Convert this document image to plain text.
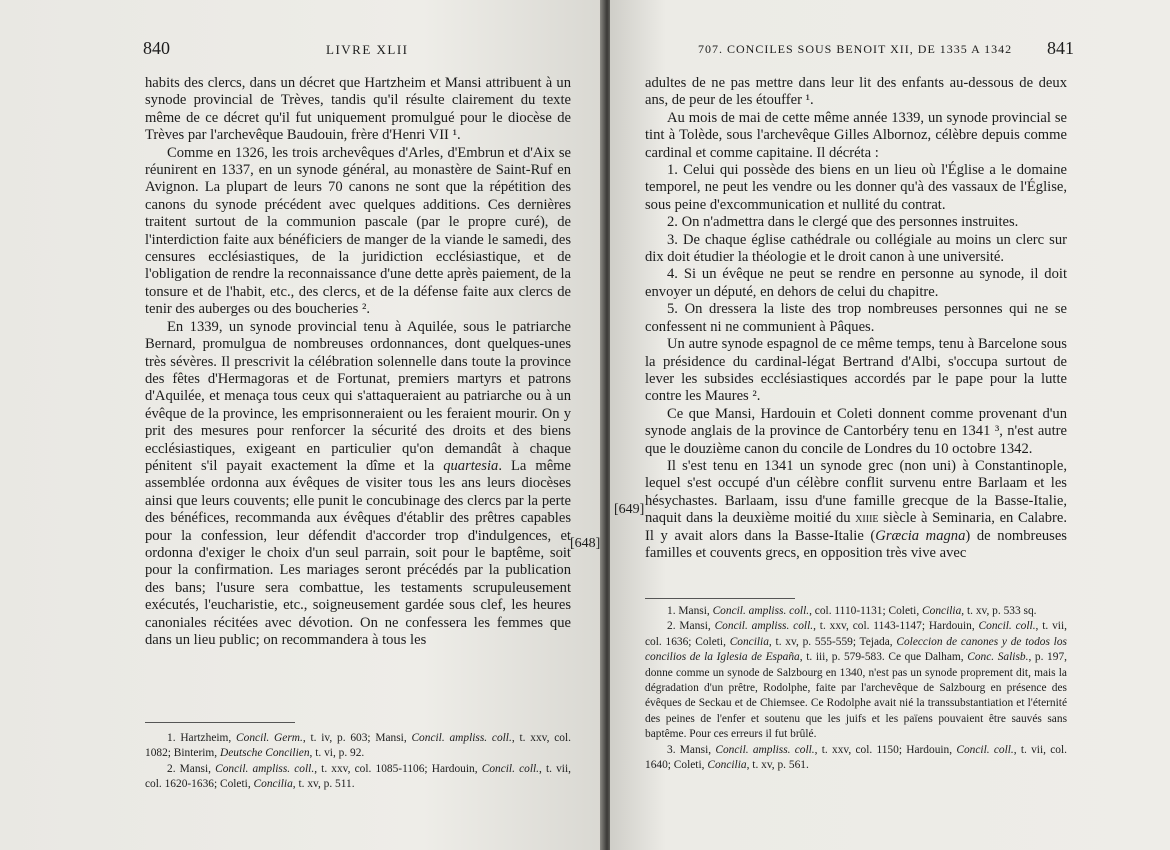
840	LIVRE XLII

habits des clercs, dans un décret que Hartzheim et Mansi attribuent à un synode provincial de Trèves, tandis qu'il résulte clairement du texte même de ce décret qu'il fut uniquement promulgué pour le diocèse de Trèves par l'archevêque Baudouin, frère d'Henri VII ¹.

Comme en 1326, les trois archevêques d'Arles, d'Embrun et d'Aix se réunirent en 1337, en un synode général, au monastère de Saint-Ruf en Avignon. La plupart de leurs 70 canons ne sont que la répétition des canons du synode précédent avec quelques additions. Ces dernières traitent surtout de la communion pascale (par le propre curé), de l'interdiction faite aux bénéficiers de manger de la viande le samedi, des censures ecclésiastiques, de la juridiction ecclésiastique, et de l'obligation de rendre la reconnaissance d'une dette après paiement, de la tonsure et de l'habit, etc., des clercs, et de la défense faite aux clercs de tenir des auberges ou des boucheries ².

En 1339, un synode provincial tenu à Aquilée, sous le patriarche Bernard, promulgua de nombreuses ordonnances, dont quelques-unes très sévères. Il prescrivit la célébration solennelle dans toute la province des fêtes d'Hermagoras et de Fortunat, premiers martyrs et patrons d'Aquilée, et menaça tous ceux qui s'attaqueraient au patriarche ou à un évêque de la province, les emprisonneraient ou les feraient mourir. On y prit des mesures pour renforcer la sécurité des droits et des biens ecclésiastiques, exigeant en particulier qu'on demandât à chaque pénitent s'il payait exactement la dîme et la quartesia. La même assemblée ordonna aux évêques de visiter tous les ans leurs diocèses ainsi que leurs couvents; elle punit le concubinage des clercs par la perte des bénéfices, recommanda aux évêques d'établir des prêtres capables pour la confession, leur défendit d'accorder trop d'indulgences, et ordonna d'exiger le choix d'un seul parrain, soit pour le baptême, soit pour la confirmation. Les mariages seront précédés par la publication des bans; l'usure sera combattue, les testaments scrupuleusement exécutés, l'eucharistie, etc., soigneusement gardée sous clef, les heures canoniales récitées avec dévotion. On ne confessera les femmes que dans un lieu public; on recommandera à tous les

1. Hartzheim, Concil. Germ., t. iv, p. 603; Mansi, Concil. ampliss. coll., t. xxv, col. 1082; Binterim, Deutsche Concilien, t. vi, p. 92.

2. Mansi, Concil. ampliss. coll., t. xxv, col. 1085-1106; Hardouin, Concil. coll., t. vii, col. 1620-1636; Coleti, Concilia, t. xv, p. 511.

[648]
707. CONCILES SOUS BENOIT XII, DE 1335 A 1342 841

adultes de ne pas mettre dans leur lit des enfants au-dessous de deux ans, de peur de les étouffer ¹.

Au mois de mai de cette même année 1339, un synode provincial se tint à Tolède, sous l'archevêque Gilles Albornoz, célèbre depuis comme cardinal et comme capitaine. Il décréta :

1. Celui qui possède des biens en un lieu où l'Église a le domaine temporel, ne peut les vendre ou les donner qu'à des vassaux de l'Église, sous peine d'excommunication et nullité du contrat.
2. On n'admettra dans le clergé que des personnes instruites.
3. De chaque église cathédrale ou collégiale au moins un clerc sur dix doit étudier la théologie et le droit canon à une université.
4. Si un évêque ne peut se rendre en personne au synode, il doit envoyer un député, en dehors de celui du chapitre.
5. On dressera la liste des trop nombreuses personnes qui ne se confessent ni ne communient à Pâques.

Un autre synode espagnol de ce même temps, tenu à Barcelone sous la présidence du cardinal-légat Bertrand d'Albi, s'occupa surtout de lever les subsides ecclésiastiques accordés par le pape pour la lutte contre les Maures ².

Ce que Mansi, Hardouin et Coleti donnent comme provenant d'un synode anglais de la province de Cantorbéry tenu en 1341 ³, n'est autre que le douzième canon du concile de Londres du 10 octobre 1342.

Il s'est tenu en 1341 un synode grec (non uni) à Constantinople, lequel s'est occupé d'un célèbre conflit survenu entre Barlaam et les hésychastes. Barlaam, issu d'une famille grecque de la Basse-Italie, naquit dans la deuxième moitié du xiiie siècle à Seminaria, en Calabre. Il y avait alors dans la Basse-Italie (Græcia magna) de nombreuses familles et couvents grecs, en opposition très vive avec

1. Mansi, Concil. ampliss. coll., col. 1110-1131; Coleti, Concilia, t. xv, p. 533 sq.

2. Mansi, Concil. ampliss. coll., t. xxv, col. 1143-1147; Hardouin, Concil. coll., t. vii, col. 1636; Coleti, Concilia, t. xv, p. 555-559; Tejada, Coleccion de canones y de todos los concilios de la Iglesia de España, t. iii, p. 579-583. Ce que Dalham, Conc. Salisb., p. 197, donne comme un synode de Salzbourg en 1340, n'est pas un synode proprement dit, mais la dégradation d'un prêtre, Rodolphe, faite par l'archevêque de Salzbourg en présence des évêques de Seckau et de Chiemsee. Ce Rodolphe avait nié la transsubstantiation et l'éternité des peines de l'enfer et soutenu que les juifs et les païens pouvaient être sauvés sans baptême. Pour ces erreurs il fut brûlé.

3. Mansi, Concil. ampliss. coll., t. xxv, col. 1150; Hardouin, Concil. coll., t. vii, col. 1640; Coleti, Concilia, t. xv, p. 561.

[649]
